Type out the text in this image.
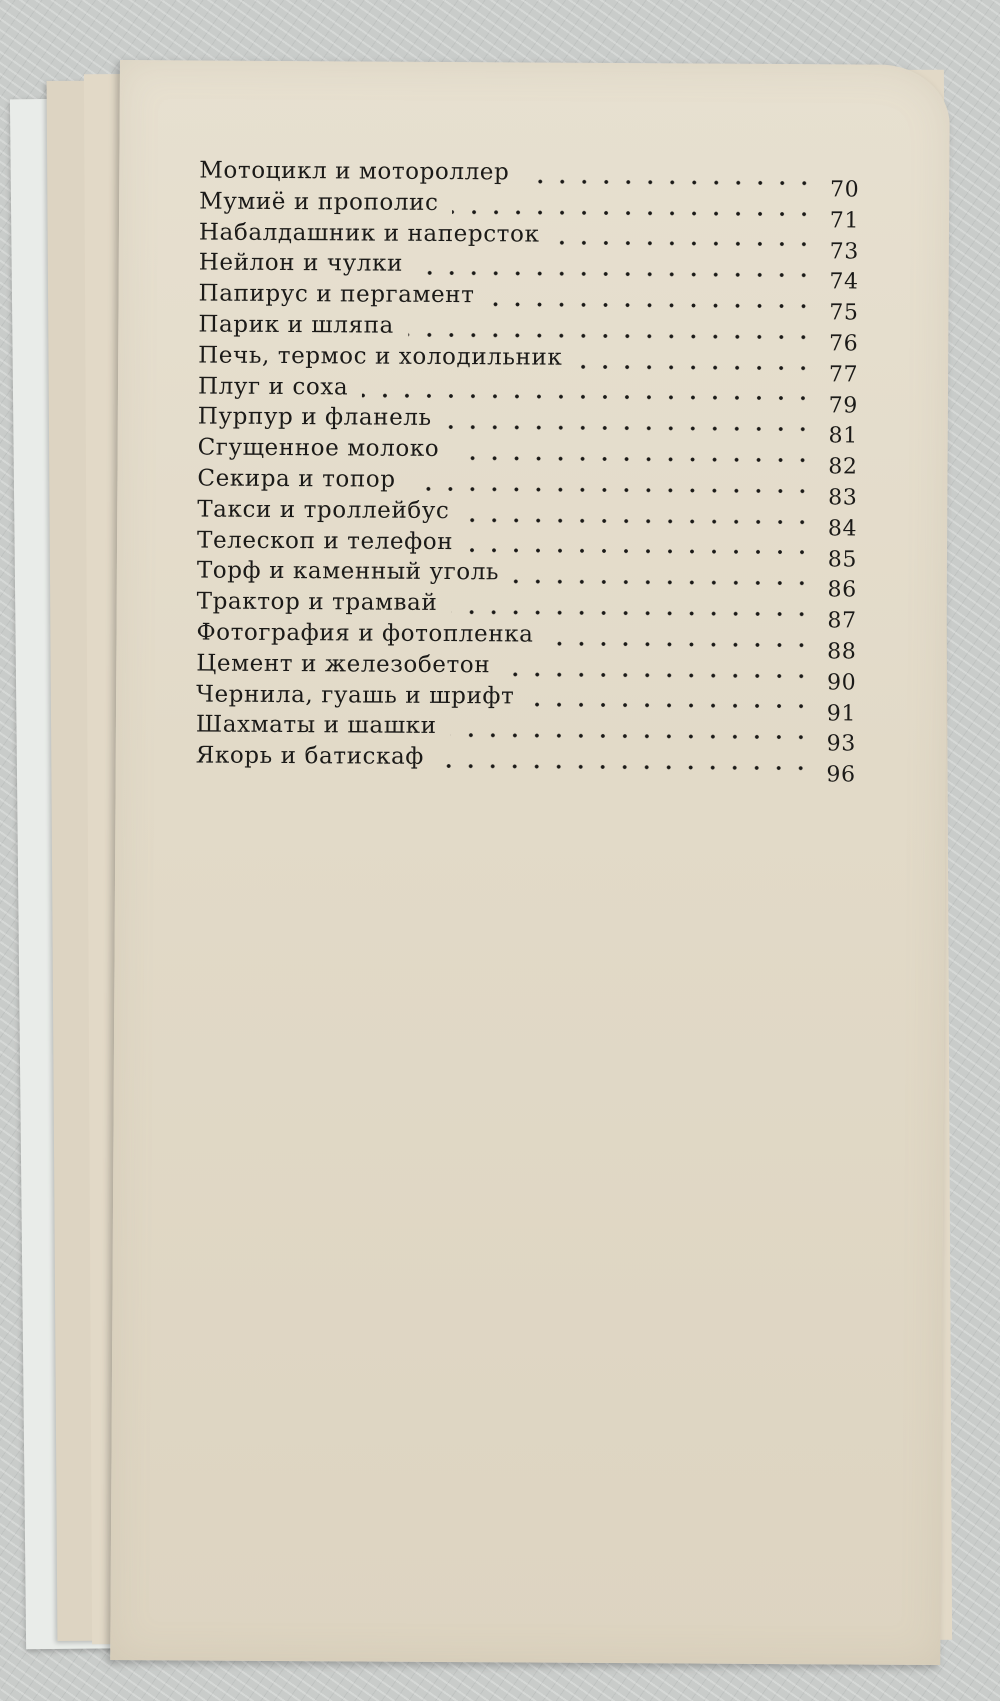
Мотоцикл и мотороллер
70
Мумиё и прополис
71
Набалдашник и наперсток
73
Нейлон и чулки
74
Папирус и пергамент
75
Парик и шляпа
76
Печь, термос и холодильник
77
Плуг и соха
79
Пурпур и фланель
81
Сгущенное молоко
82
Секира и топор
83
Такси и троллейбус
84
Телескоп и телефон
85
Торф и каменный уголь
86
Трактор и трамвай
87
Фотография и фотопленка
88
Цемент и железобетон
90
Чернила, гуашь и шрифт
91
Шахматы и шашки
93
Якорь и батискаф
96
